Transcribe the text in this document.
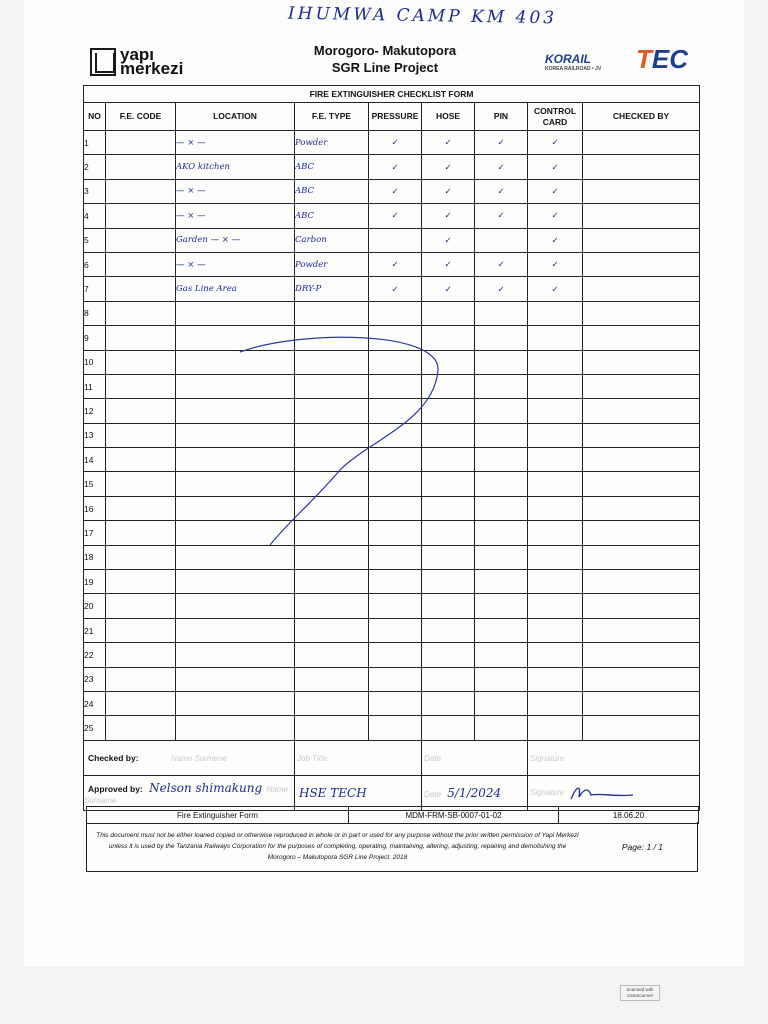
IHUMWA CAMP KM 403
yapı
merkezi
Morogoro- Makutopora
SGR Line Project
KORAIL
KOREA RAILROAD • JV TEC
FIRE EXTINGUISHER CHECKLIST FORM								
NO	F.E. CODE	LOCATION	F.E. TYPE	PRESSURE	HOSE	PIN	CONTROL CARD	CHECKED BY
1		— × —	Powder	✓	✓	✓	✓	
2		AKO kitchen	ABC	✓	✓	✓	✓	
3		— × —	ABC	✓	✓	✓	✓	
4		— × —	ABC	✓	✓	✓	✓	
5		Garden — × —	Carbon		✓		✓	
6		— × —	Powder	✓	✓	✓	✓	
7		Gas Line Area	DRY-P	✓	✓	✓	✓	
8								
9								
10								
11								
12								
13								
14								
15								
16								
17								
18								
19								
20								
21								
22								
23								
24								
25								
Checked by: Name Surname			Job Title		Date		Signature	
Approved by: Nelson shimakung Name Surname			HSE TECH		Date 5/1/2024		Signature	
Fire Extinguisher Form	MDM-FRM-SB-0007-01-02	18.06.20
This document must not be either loaned copied or otherwise reproduced in whole or in part or used for any purpose without the prior written permission of Yapi Merkezi unless it is used by the Tanzania Railways Corporation for the purposes of completing, operating, maintaining, altering, adjusting, repairing and demolishing the Morogoro – Makutopora SGR Line Project. 2018
Page: 1 / 1
Scanned with
CamScanner
